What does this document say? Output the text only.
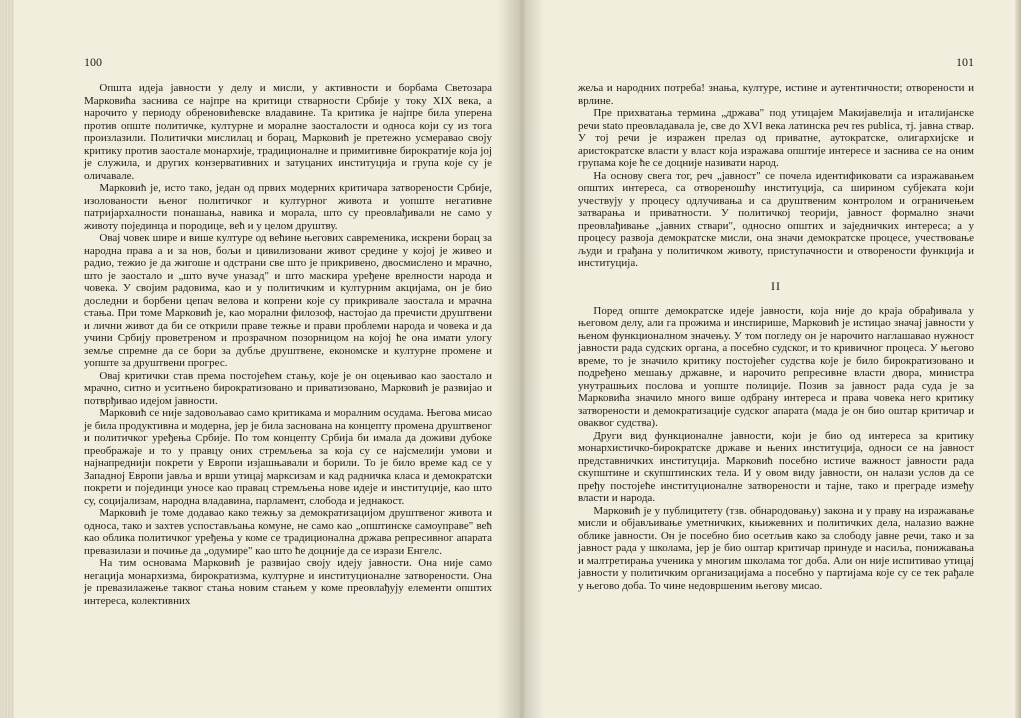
100

Општа идеја јавности у делу и мисли, у активности и борбама Светозара Марковића заснива се најпре на критици стварности Србије у току XIX века, а нарочито у периоду обреновићевске владавине. Та критика је најпре била уперена против опште политичке, културне и моралне заосталости и односа који су из тога произлазили. Политички мислилац и борац, Марковић је претежно усмеравао своју критику против заостале монархије, традиционалне и примитивне бирократије која јој је служила, и других конзервативних и затуцаних институција и група које су је оличавале.

Марковић је, исто тако, један од првих модерних критичара затворености Србије, изолованости њеног политичког и културног живота и уопште негативне патријархалности понашања, навика и морала, што су преовлађивали не само у животу појединца и породице, већ и у целом друштву.

Овај човек шире и више културе од већине његових савременика, искрени борац за народна права а и за нов, бољи и цивилизовани живот средине у којој је живео и радио, тежио је да жигоше и одстрани све што је прикривено, двосмислено и мрачно, што је заостало и „што вуче уназад" и што маскира уређене врелности народа и човека. У својим радовима, као и у политичким и културним акцијама, он је био доследни и борбени цепач велова и копрени које су прикривале заостала и мрачна стања. При томе Марковић је, као морални филозоф, настојао да пречисти друштвени и лични живот да би се открили праве тежње и прави проблеми народа и човека и да учини Србију проветреном и прозрачном позорницом на којој ће она имати улогу земље спремне да се бори за дубље друштвене, економске и културне промене и уопште за друштвени прогрес.

Овај критички став према постојећем стању, које је он оцењивао као заостало и мрачно, ситно и уситњено бирократизовано и приватизовано, Марковић је развијао и потврђивао идејом јавности.

Марковић се није задовољавао само критикама и моралним осудама. Његова мисао је била продуктивна и модерна, јер је била заснована на концепту промена друштвеног и политичког уређења Србије. По том концепту Србија би имала да доживи дубоке преображаје и то у правцу оних стремљења за која су се најсмелији умови и најнапреднији покрети у Европи изјашњавали и борили. То је било време кад се у Западној Европи јавља и врши утицај марксизам и кад радничка класа и демократски покрети и појединци уносе као правац стремљења нове идеје и институције, као што су, социјализам, народна владавина, парламент, слобода и једнакост.

Марковић је томе додавао како тежњу за демократизацијом друштвеног живота и односа, тако и захтев успостављања комуне, не само као „општинске самоуправе" већ као облика политичког уређења у коме се традиционална држава репресивног апарата превазилази и почиње да „одумире" као што ће доцније да се изрази Енгелс.

На тим основама Марковић је развијао своју идеју јавности. Она није само негација монархизма, бирократизма, културне и институционалне затворености. Она је превазилажење таквог стања новим стањем у коме преовлађују елементи општих интереса, колективних

101

жеља и народних потреба! знања, културе, истине и аутентичности; отворености и врлине.

Пре прихватања термина „држава" под утицајем Макијавелија и италијанске речи stato преовладавала је, све до XVI века латинска реч res publica, тј. јавна ствар. У тој речи је изражен прелаз од приватне, аутократске, олигархијске и аристократске власти у власт која изражава општије интересе и заснива се на оним групама које ће се доцније називати народ.

На основу свега тог, реч „јавност" се почела идентификовати са изражавањем општих интереса, са отвореношћу институција, са ширином субјеката који учествују у процесу одлучивања и са друштвеним контролом и ограничењем затварања и приватности. У политичкој теорији, јавност формално значи преовлађивање „јавних ствари", односно општих и заједничких интереса; а у процесу развоја демократске мисли, она значи демократске процесе, учествовање људи и грађана у политичком животу, приступачности и отворености функција и институција.

II

Поред опште демократске идеје јавности, која није до краја обрађивала у његовом делу, али га прожима и инспирише, Марковић је истицао значај јавности у њеном функционалном значењу. У том погледу он је нарочито наглашавао нужност јавности рада судских органа, а посебно судског, и то кривичног процеса. У његово време, то је значило критику постојећег судства које је било бирократизовано и подређено мешању државне, и нарочито репресивне власти двора, министра унутрашњих послова и уопште полиције. Позив за јавност рада суда је за Марковића значило много више одбрану интереса и права човека него критику затворености и демократизације судског апарата (мада је он био оштар критичар и оваквог судства).

Други вид функционалне јавности, који је био од интереса за критику монархистичко-бирократске државе и њених институција, односи се на јавност представничких институција. Марковић посебно истиче важност јавности рада скупштине и скупштинских тела. И у овом виду јавности, он налази услов да се пређу постојеће институционалне затворености и тајне, тако и преграде између власти и народа.

Марковић је у публицитету (тзв. обнародовању) закона и у праву на изражавање мисли и објављивање уметничких, књижевних и политичких дела, налазио важне облике јавности. Он је посебно био осетљив како за слободу јавне речи, тако и за јавност рада у школама, јер је био оштар критичар принуде и насиља, понижавања и малтретирања ученика у многим школама тог доба. Али он није испитивао утицај јавности у политичким организацијама а посебно у партијама које су се тек рађале у његово доба. То чине недовршеним његову мисао.
